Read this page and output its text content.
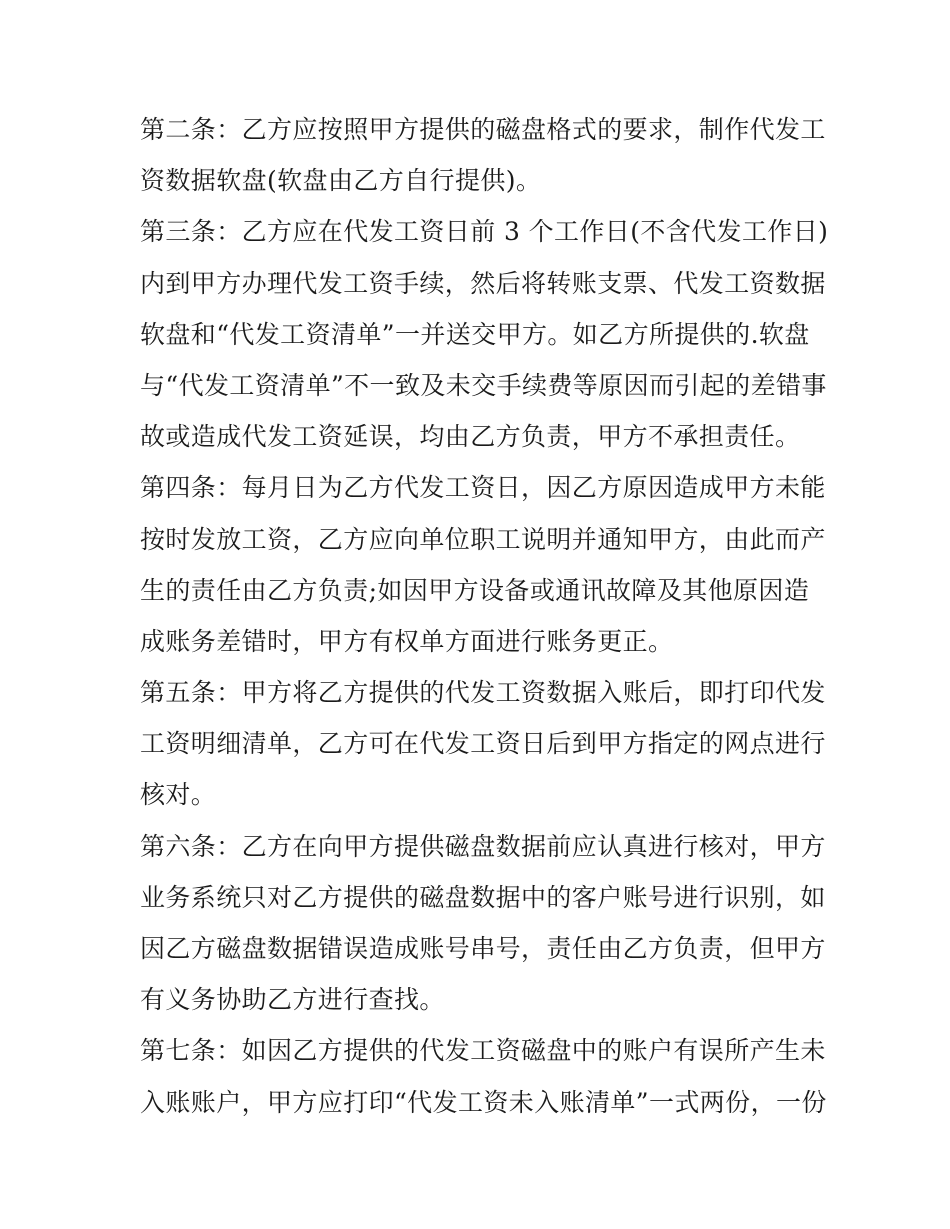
第二条：乙方应按照甲方提供的磁盘格式的要求，制作代发工
资数据软盘(软盘由乙方自行提供)。
第三条：乙方应在代发工资日前 3 个工作日(不含代发工作日)
内到甲方办理代发工资手续，然后将转账支票、代发工资数据
软盘和“代发工资清单”一并送交甲方。如乙方所提供的.软盘
与“代发工资清单”不一致及未交手续费等原因而引起的差错事
故或造成代发工资延误，均由乙方负责，甲方不承担责任。
第四条：每月日为乙方代发工资日，因乙方原因造成甲方未能
按时发放工资，乙方应向单位职工说明并通知甲方，由此而产
生的责任由乙方负责;如因甲方设备或通讯故障及其他原因造
成账务差错时，甲方有权单方面进行账务更正。
第五条：甲方将乙方提供的代发工资数据入账后，即打印代发
工资明细清单，乙方可在代发工资日后到甲方指定的网点进行
核对。
第六条：乙方在向甲方提供磁盘数据前应认真进行核对，甲方
业务系统只对乙方提供的磁盘数据中的客户账号进行识别，如
因乙方磁盘数据错误造成账号串号，责任由乙方负责，但甲方
有义务协助乙方进行查找。
第七条：如因乙方提供的代发工资磁盘中的账户有误所产生未
入账账户，甲方应打印“代发工资未入账清单”一式两份，一份
